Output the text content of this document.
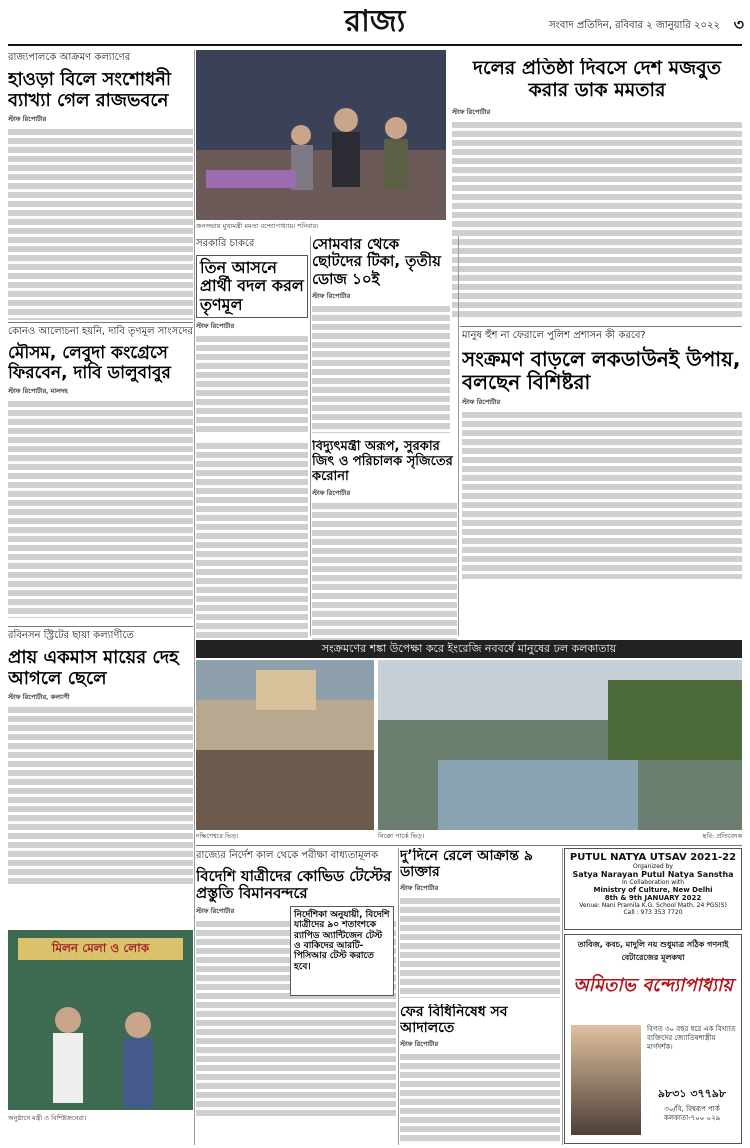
রাজ্য	সংবাদ প্রতিদিন, রবিবার ২ জানুয়ারি ২০২২ ৩
রাজ্যপালকে আক্রমণ কল্যাণের
হাওড়া বিলে সংশোধনী ব্যাখ্যা গেল রাজভবনে
স্টাফ রিপোর্টার
জনসভায় মুখ্যমন্ত্রী মমতা বন্দ্যোপাধ্যায়। শনিবার।
দলের প্রতিষ্ঠা দিবসে দেশ মজবুত করার ডাক মমতার
স্টাফ রিপোর্টার
সরকারি চাকরে
তিন আসনে প্রার্থী বদল করল তৃণমূল
স্টাফ রিপোর্টার
সোমবার থেকে ছোটদের টিকা, তৃতীয় ডোজ ১০ই
স্টাফ রিপোর্টার
মানুষ হুঁশ না ফেরালে পুলিশ প্রশাসন কী করবে?
সংক্রমণ বাড়লে লকডাউনই উপায়, বলছেন বিশিষ্টরা
স্টাফ রিপোর্টার
কোনও আলোচনা হয়নি, দাবি তৃণমূল সাংসদের
মৌসম, লেবুদা কংগ্রেসে ফিরবেন, দাবি ডালুবাবুর
স্টাফ রিপোর্টার, মালদহ
বিদ্যুৎমন্ত্রী অরূপ, সুরকার জিৎ ও পরিচালক সৃজিতের করোনা
স্টাফ রিপোর্টার
সংক্রমণের শঙ্কা উপেক্ষা করে ইংরেজি নববর্ষে মানুষের ঢল কলকাতায়
দক্ষিণেশ্বরে ভিড়।	নিক্কো পার্কে ভিড়।	ছবি: প্রতিবেদক
রবিনসন স্ট্রিটের ছায়া কল্যাণীতে
প্রায় একমাস মায়ের দেহ আগলে ছেলে
স্টাফ রিপোর্টার, কল্যাণী
মিলন মেলা ও লোক
অনুষ্ঠানে মন্ত্রী ও বিশিষ্টজনেরা।
রাজ্যের নির্দেশ কাল থেকে পরীক্ষা বাধ্যতামূলক
বিদেশি যাত্রীদের কোভিড টেস্টের প্রস্তুতি বিমানবন্দরে
স্টাফ রিপোর্টার	নির্দেশিকা অনুযায়ী, বিদেশি যাত্রীদের ৯০ শতাংশকে র‌্যাপিড অ্যান্টিজেন টেস্ট ও বাকিদের আরটি-পিসিআর টেস্ট করাতে হবে।
দু’দিনে রেলে আক্রান্ত ৯ ডাক্তার
স্টাফ রিপোর্টার
ফের বিধিনিষেধ সব আদালতে
স্টাফ রিপোর্টার
PUTUL NATYA UTSAV 2021-22
Organized by
Satya Narayan Putul Natya Sanstha
In Collaboration with
Ministry of Culture, New Delhi
8th & 9th JANUARY 2022
Venue: Nani Pramila K.G. School Math, 24 PGS(S)
Call : 973 353 7720
তাবিজ, কবচ, মাদুলি নয় শুধুমাত্র সঠিক গণনাই বেটারেজের মূলকথা
অমিতাভ বন্দ্যোপাধ্যায়
বিগত ৩০ বছর ধরে এক বিখ্যাত ব্যক্তিদের জ্যোতিষশাস্ত্রীয় মার্গদর্শক।
৯৮৩১ ৩৭৭৯৮
৩০/বি, বিশ্বরূপ পার্ক কলকাতা-৭০০ ০২৯
